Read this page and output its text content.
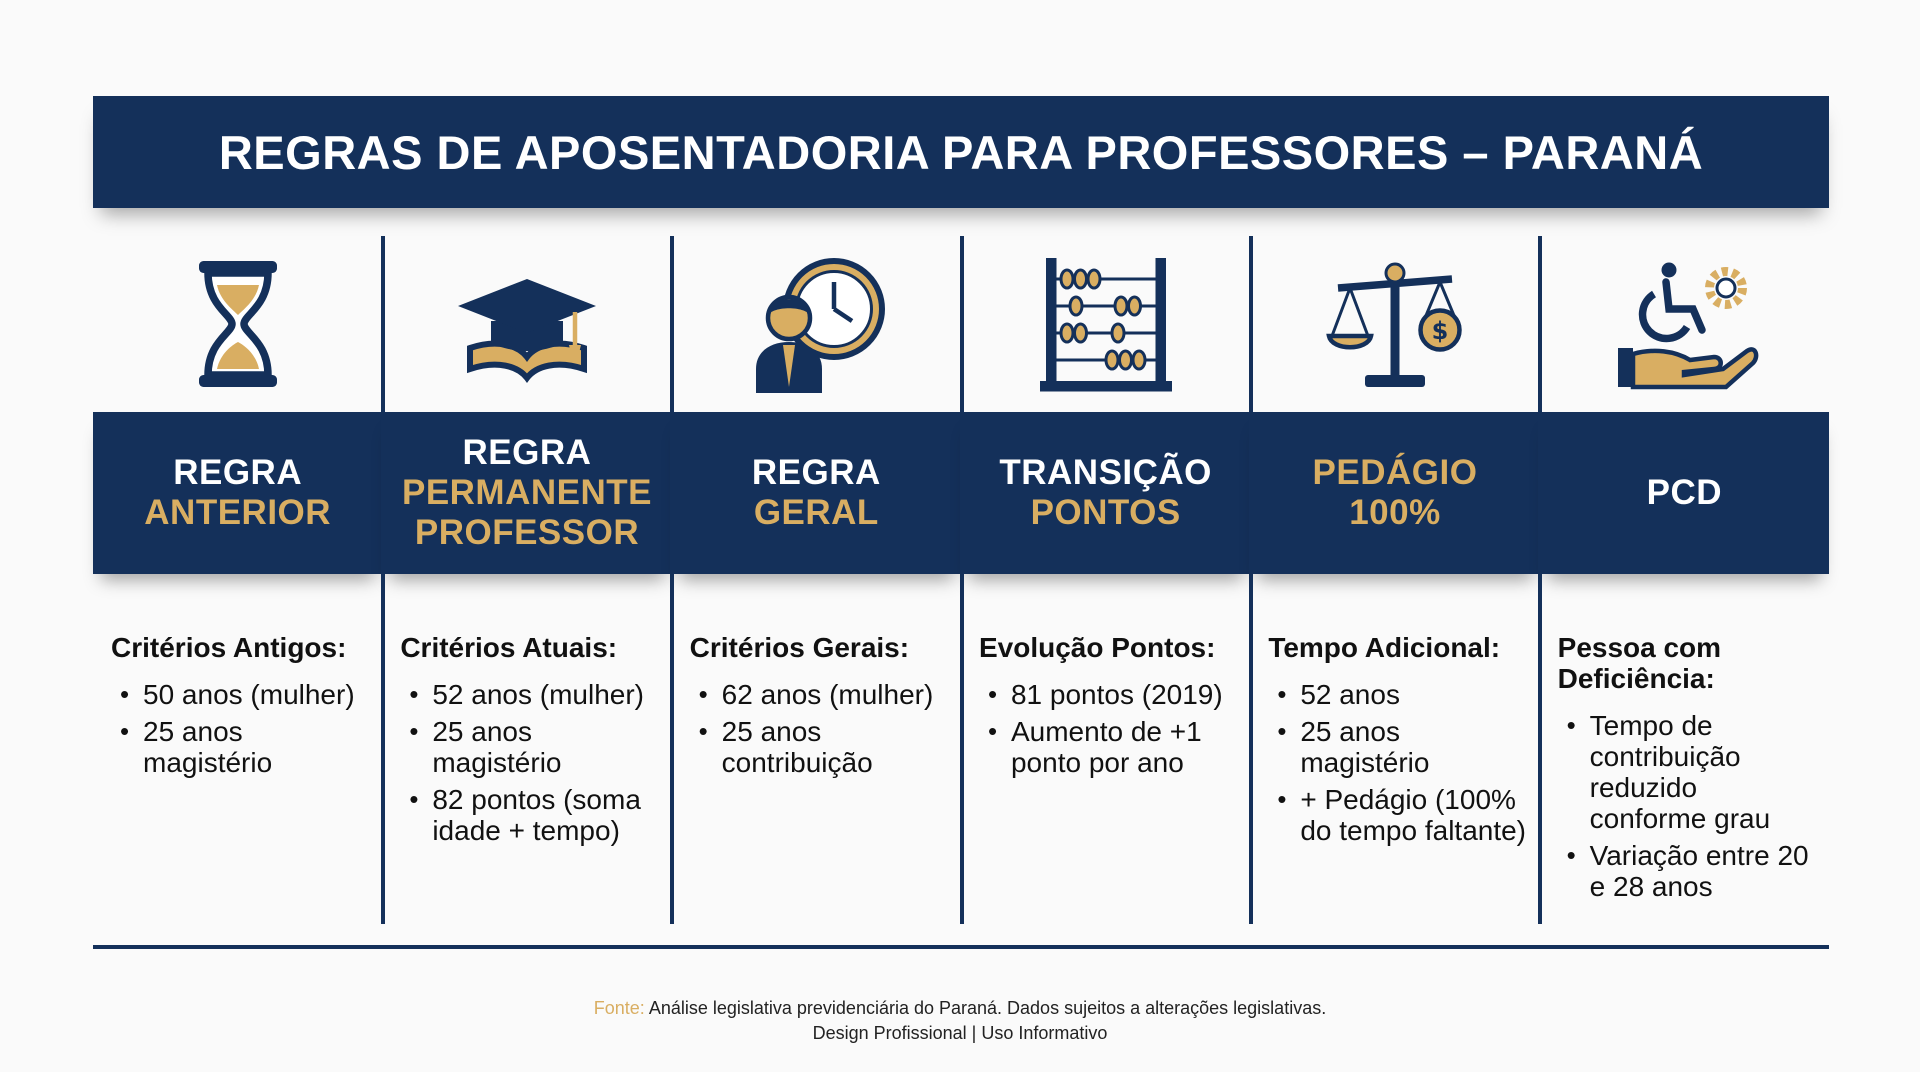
REGRAS DE APOSENTADORIA PARA PROFESSORES – PARANÁ
REGRA
ANTERIOR
Critérios Antigos:
• 50 anos (mulher)
• 25 anos magistério
REGRA
PERMANENTE
PROFESSOR
Critérios Atuais:
• 52 anos (mulher)
• 25 anos magistério
• 82 pontos (soma idade + tempo)
REGRA
GERAL
Critérios Gerais:
• 62 anos (mulher)
• 25 anos contribuição
TRANSIÇÃO
PONTOS
Evolução Pontos:
• 81 pontos (2019)
• Aumento de +1 ponto por ano
$
PEDÁGIO
100%
Tempo Adicional:
• 52 anos
• 25 anos magistério
• + Pedágio (100% do tempo faltante)
PCD
Pessoa com Deficiência:
• Tempo de contribuição reduzido conforme grau
• Variação entre 20 e 28 anos
Fonte: Análise legislativa previdenciária do Paraná. Dados sujeitos a alterações legislativas.
Design Profissional | Uso Informativo
